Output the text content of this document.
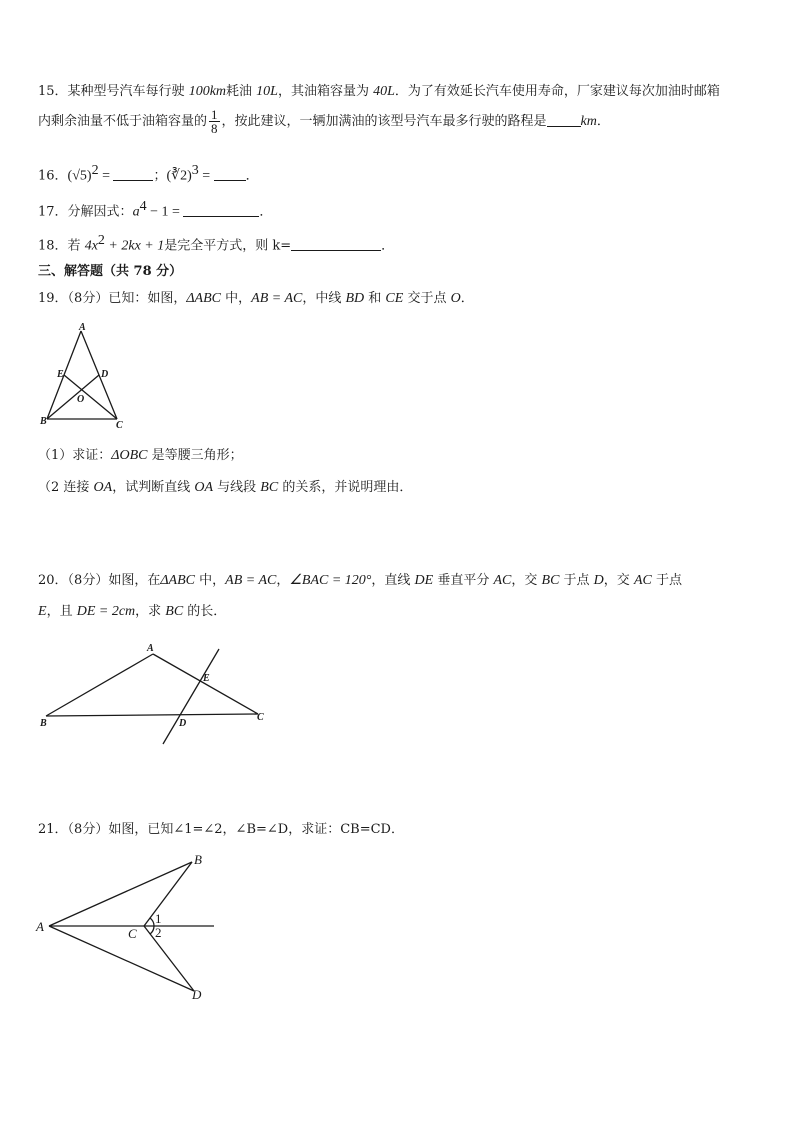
15．某种型号汽车每行驶 100km耗油 10L，其油箱容量为 40L．为了有效延长汽车使用寿命，厂家建议每次加油时邮箱
内剩余油量不低于油箱容量的 $\frac{1}{8}$ ，按此建议，一辆加满油的该型号汽车最多行驶的路程是 km．
16．$(√5)^2$ =	；(∛2)$^3$ = ．
17．分解因式：$a^4 - 1$ =	．
18．若 $4x^2 + 2kx + 1$是完全平方式，则 k=	．
三、解答题（共 78 分）
19．（8分）已知：如图，ΔABC 中，AB = AC，中线 BD 和 CE 交于点 O．
A
E	D
O
B	C
（1）求证：ΔOBC 是等腰三角形；
（2 连接 OA，试判断直线 OA 与线段 BC 的关系，并说明理由．
20．（8分）如图，在ΔABC 中，AB = AC，∠BAC = 120°，直线 DE 垂直平分 AC，交 BC 于点 D，交 AC 于点
E，且 DE = 2cm，求 BC 的长．
A
E
D
B
C
21．（8分）如图，已知∠1=∠2，∠B=∠D，求证：CB=CD．
A
B
C
D
1
2
